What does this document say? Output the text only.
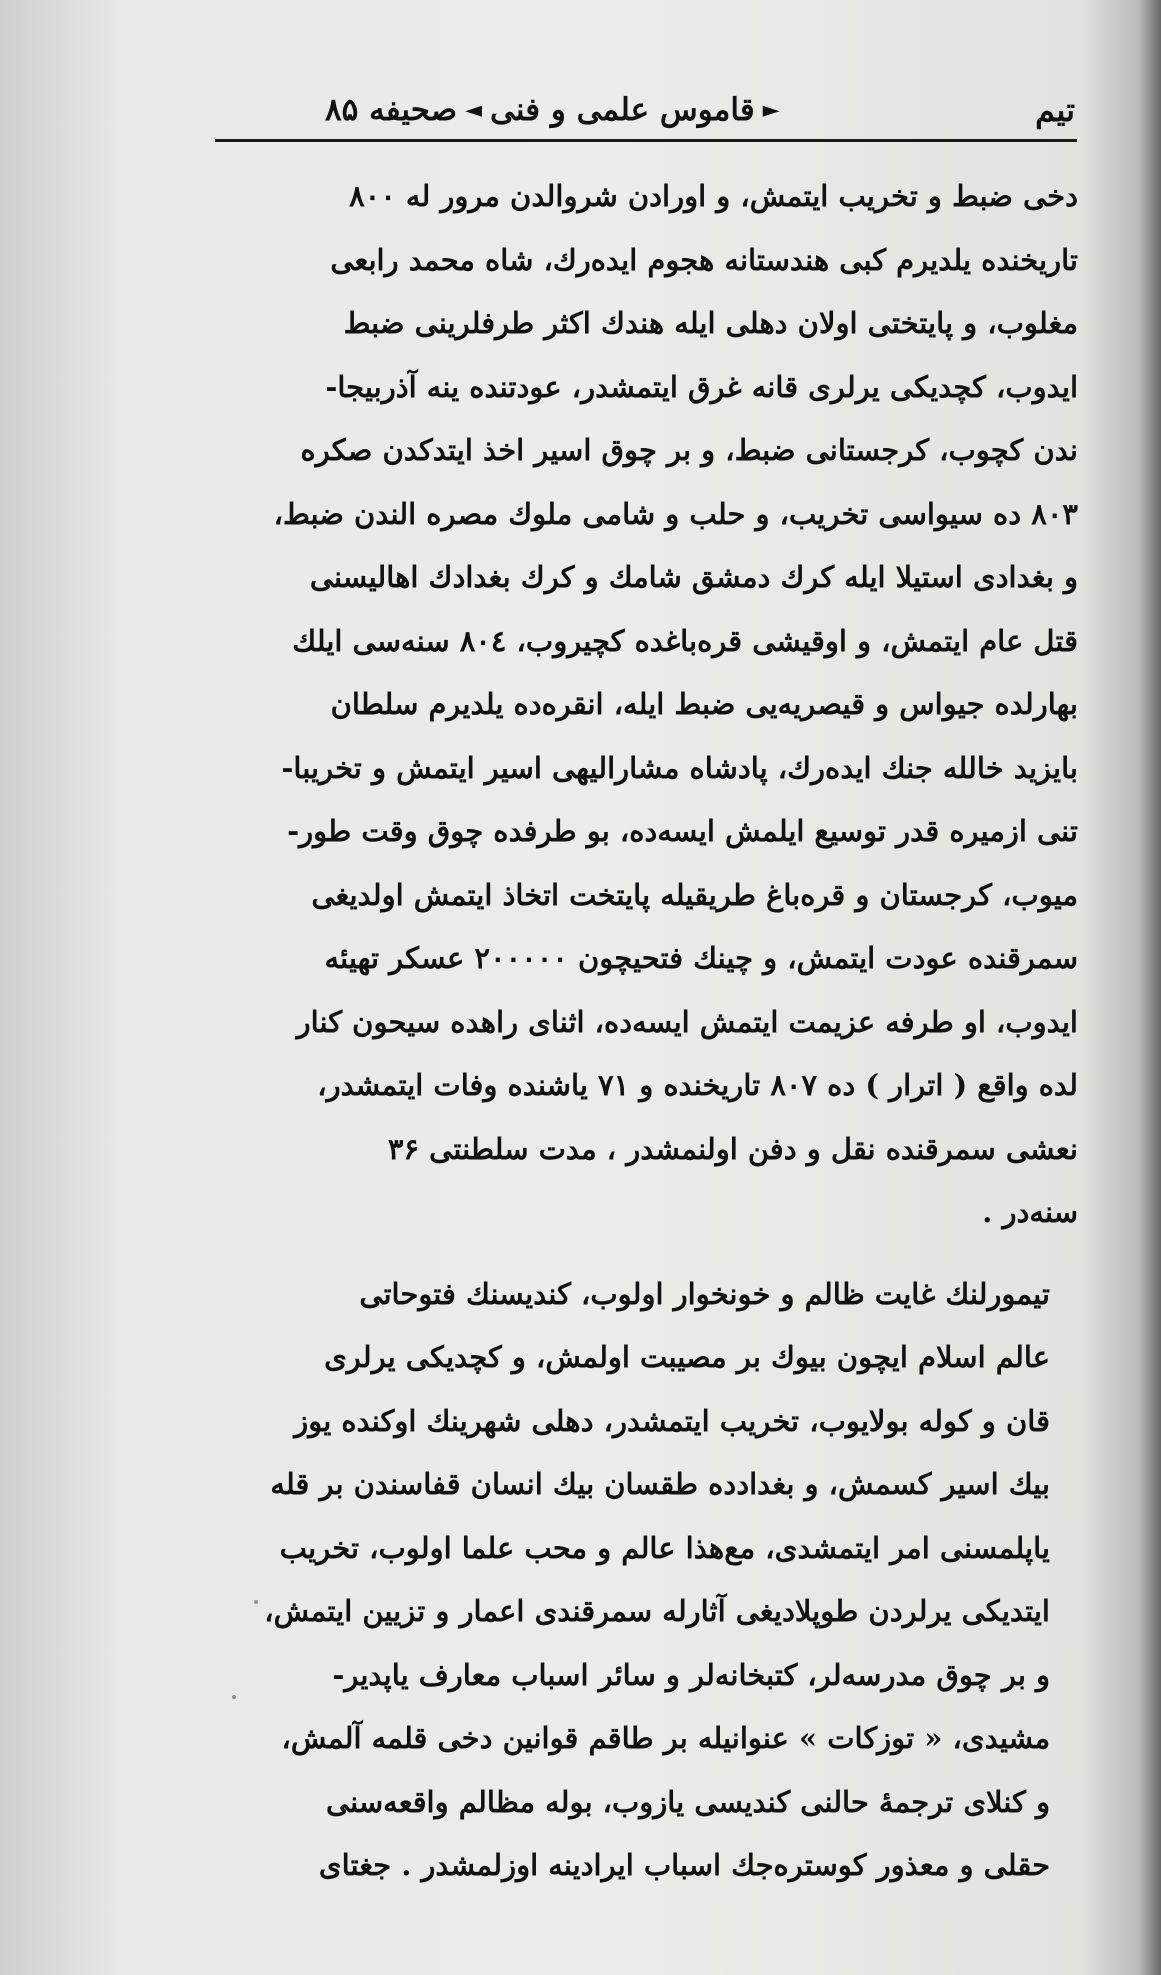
تیم
►
قاموس علمی و فنی
◄
صحیفه ۸۵

دخی ضبط و تخریب ایتمش، و اورادن شروالدن مرور له ۸۰۰
تاریخنده یلدیرم کبی هندستانه هجوم ایده‌رك، شاه محمد رابعی
مغلوب، و پایتختی اولان دهلی ایله هندك اکثر طرفلرینی ضبط
ایدوب، کچدیکی یرلری قانه غرق ایتمشدر، عودتنده ینه آذربیجا-
ندن کچوب، کرجستانی ضبط، و بر چوق اسیر اخذ ایتدکدن صکره
۸۰۳ ده سیواسی تخریب، و حلب و شامی ملوك مصره الندن ضبط،
و بغدادی استیلا ایله کرك دمشق شامك و کرك بغدادك اهالیسنی
قتل عام ایتمش، و اوقیشی قره‌باغده کچیروب، ۸۰٤ سنه‌سی ایلك
بهارلده جیواس و قیصریه‌یی ضبط ایله، انقره‌ده یلدیرم سلطان
بایزید خالله جنك ایده‌رك، پادشاه مشارالیهی اسیر ایتمش و تخریبا-
تنی ازمیره قدر توسیع ایلمش ایسه‌ده، بو طرفده چوق وقت طور-
میوب، کرجستان و قره‌باغ طریقیله پایتخت اتخاذ ایتمش اولدیغی
سمرقنده عودت ایتمش، و چینك فتحیچون ۲۰۰۰۰۰ عسکر تهیئه
ایدوب، او طرفه عزیمت ایتمش ایسه‌ده، اثنای راهده سیحون کنار
لده واقع ( اترار ) ده ۸۰۷ تاریخنده و ۷۱ یاشنده وفات ایتمشدر،
نعشی سمرقنده نقل و دفن اولنمشدر ، مدت سلطنتی ۳۶
سنه‌در .

تیمورلنك غایت ظالم و خونخوار اولوب، کندیسنك فتوحاتی
عالم اسلام ایچون بیوك بر مصیبت اولمش، و کچدیکی یرلری
قان و کوله بولایوب، تخریب ایتمشدر، دهلی شهرینك اوکنده یوز
بیك اسیر کسمش، و بغدادده طقسان بیك انسان قفاسندن بر قله
یاپلمسنی امر ایتمشدی، مع‌هذا عالم و محب علما اولوب، تخریب
ایتدیکی یرلردن طوپلادیغی آثارله سمرقندی اعمار و تزیین ایتمش،
و بر چوق مدرسه‌لر، کتبخانه‌لر و سائر اسباب معارف یاپدیر-
مشیدی، « توزکات » عنوانیله بر طاقم قوانین دخی قلمه آلمش،
و کنلای ترجمهٔ حالنی کندیسی یازوب، بوله مظالم واقعه‌سنی
حقلی و معذور کوستره‌جك اسباب ایرادینه اوزلمشدر . جغتای
